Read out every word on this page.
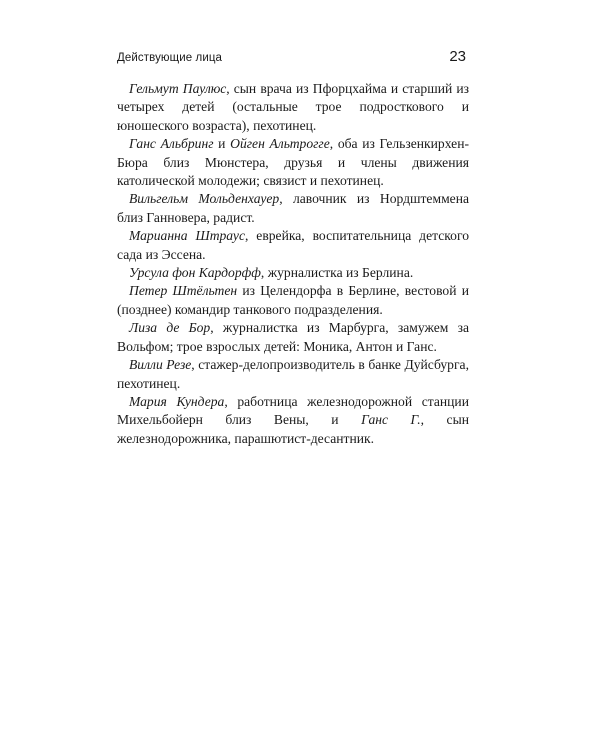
Действующие лица	23

Гельмут Паулюс, сын врача из Пфорцхайма и старший из четырех детей (остальные трое подросткового и юношеского возраста), пехотинец.

Ганс Альбринг и Ойген Альтрогге, оба из Гельзенкирхен-Бюра близ Мюнстера, друзья и члены движения католической молодежи; связист и пехотинец.

Вильгельм Мольденхауер, лавочник из Нордштеммена близ Ганновера, радист.

Марианна Штраус, еврейка, воспитательница детского сада из Эссена.

Урсула фон Кардорфф, журналистка из Берлина.

Петер Штёльтен из Целендорфа в Берлине, вестовой и (позднее) командир танкового подразделения.

Лиза де Бор, журналистка из Марбурга, замужем за Вольфом; трое взрослых детей: Моника, Антон и Ганс.

Вилли Резе, стажер-делопроизводитель в банке Дуйсбурга, пехотинец.

Мария Кундера, работница железнодорожной станции Михельбойерн близ Вены, и Ганс Г., сын железнодорожника, парашютист-десантник.
